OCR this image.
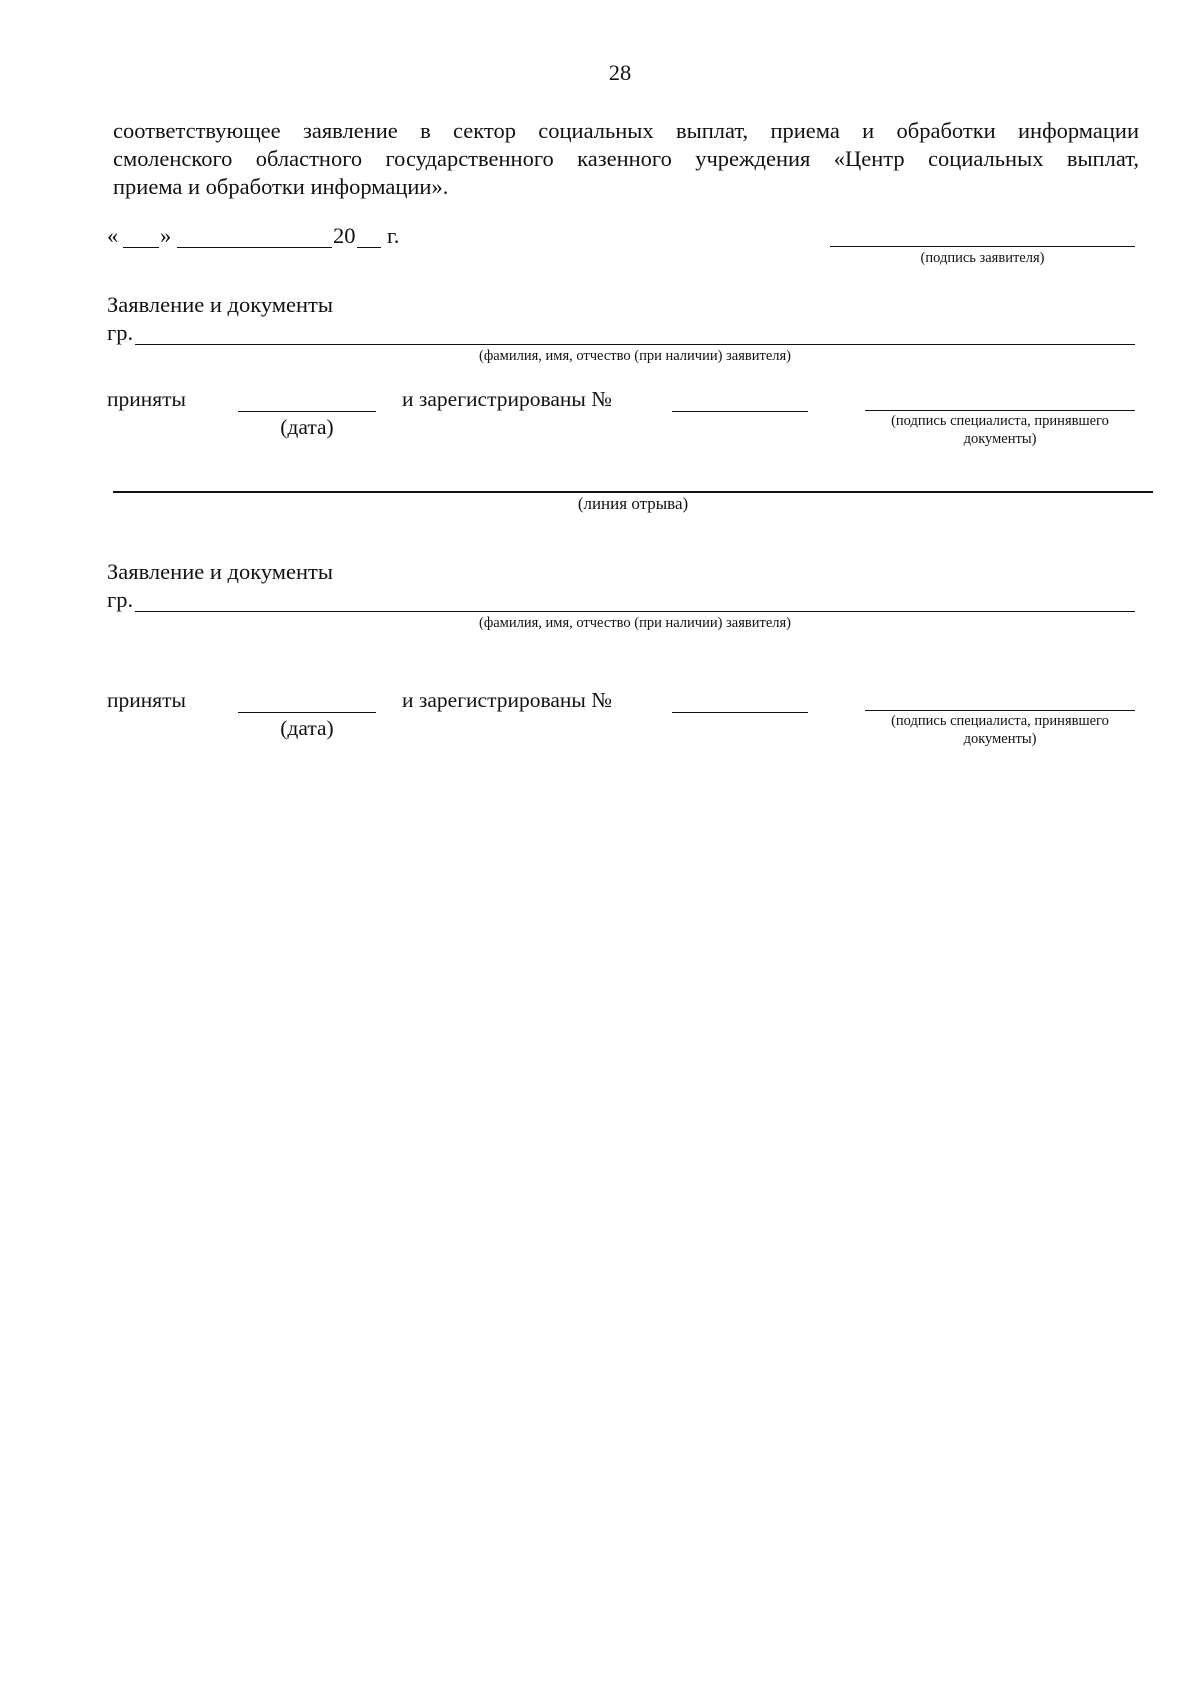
28
соответствующее заявление в сектор социальных выплат, приема и обработки информации
смоленского областного государственного казенного учреждения «Центр социальных выплат,
приема и обработки информации».
« »	20 г.
(подпись заявителя)
Заявление и документы
гр.
(фамилия, имя, отчество (при наличии) заявителя)
приняты
(дата)
и зарегистрированы №
(подпись специалиста, принявшего
документы)
(линия отрыва)
Заявление и документы
гр.
(фамилия, имя, отчество (при наличии) заявителя)
приняты
(дата)
и зарегистрированы №
(подпись специалиста, принявшего
документы)
